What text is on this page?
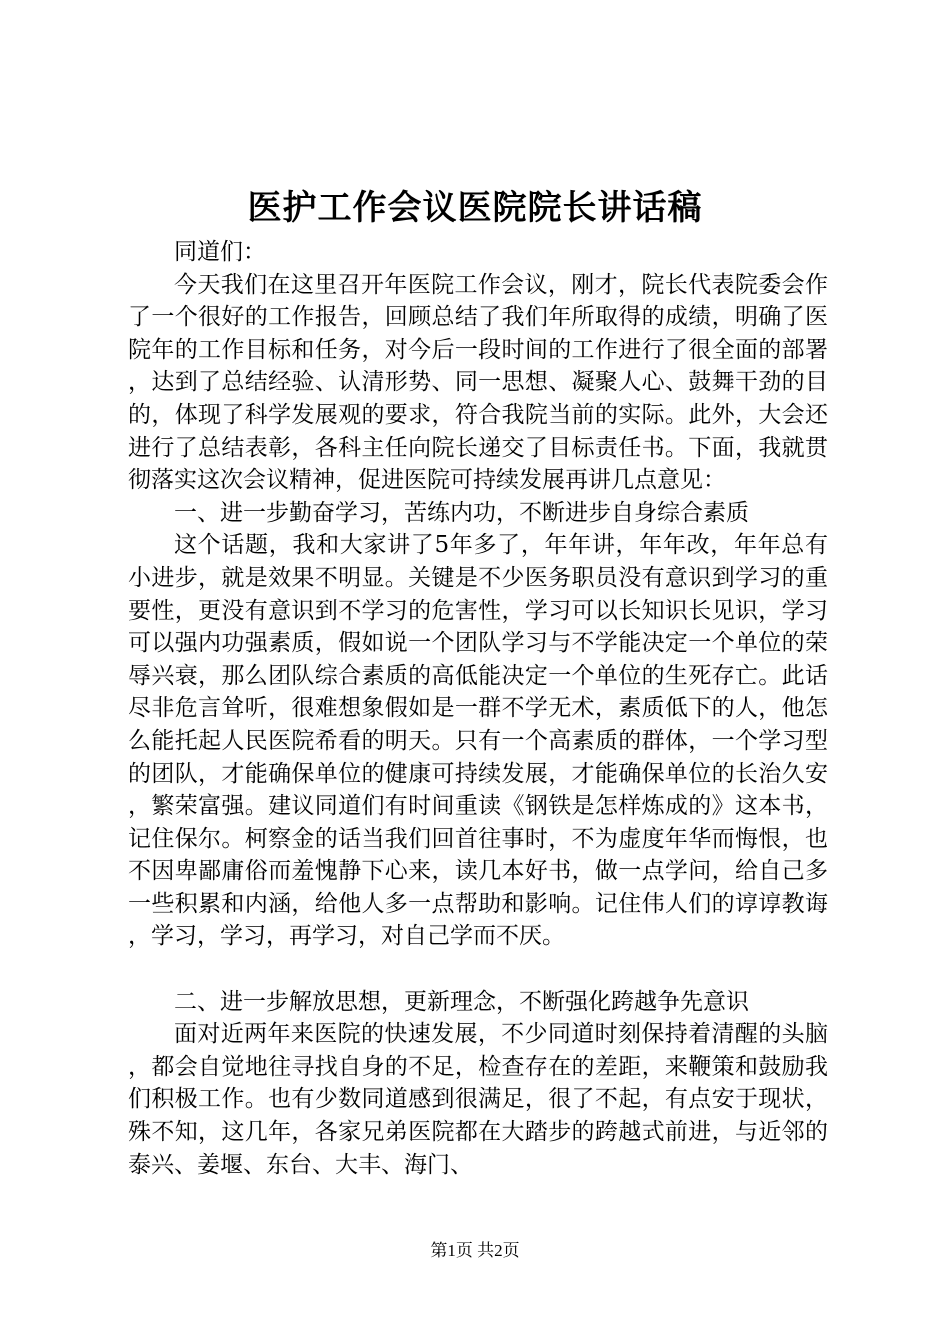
医护工作会议医院院长讲话稿

同道们：

今天我们在这里召开年医院工作会议，刚才，院长代表院委会作了一个很好的工作报告，回顾总结了我们年所取得的成绩，明确了医院年的工作目标和任务，对今后一段时间的工作进行了很全面的部署，达到了总结经验、认清形势、同一思想、凝聚人心、鼓舞干劲的目的，体现了科学发展观的要求，符合我院当前的实际。此外，大会还进行了总结表彰，各科主任向院长递交了目标责任书。下面，我就贯彻落实这次会议精神，促进医院可持续发展再讲几点意见：

一、进一步勤奋学习，苦练内功，不断进步自身综合素质

这个话题，我和大家讲了5年多了，年年讲，年年改，年年总有小进步，就是效果不明显。关键是不少医务职员没有意识到学习的重要性，更没有意识到不学习的危害性，学习可以长知识长见识，学习可以强内功强素质，假如说一个团队学习与不学能决定一个单位的荣辱兴衰，那么团队综合素质的高低能决定一个单位的生死存亡。此话尽非危言耸听，很难想象假如是一群不学无术，素质低下的人，他怎么能托起人民医院希看的明天。只有一个高素质的群体，一个学习型的团队，才能确保单位的健康可持续发展，才能确保单位的长治久安，繁荣富强。建议同道们有时间重读《钢铁是怎样炼成的》这本书，记住保尔。柯察金的话当我们回首往事时，不为虚度年华而悔恨，也不因卑鄙庸俗而羞愧静下心来，读几本好书，做一点学问，给自己多一些积累和内涵，给他人多一点帮助和影响。记住伟人们的谆谆教诲，学习，学习，再学习，对自己学而不厌。

二、进一步解放思想，更新理念，不断强化跨越争先意识

面对近两年来医院的快速发展，不少同道时刻保持着清醒的头脑，都会自觉地往寻找自身的不足，检查存在的差距，来鞭策和鼓励我们积极工作。也有少数同道感到很满足，很了不起，有点安于现状，殊不知，这几年，各家兄弟医院都在大踏步的跨越式前进，与近邻的泰兴、姜堰、东台、大丰、海门、

第1页 共2页
